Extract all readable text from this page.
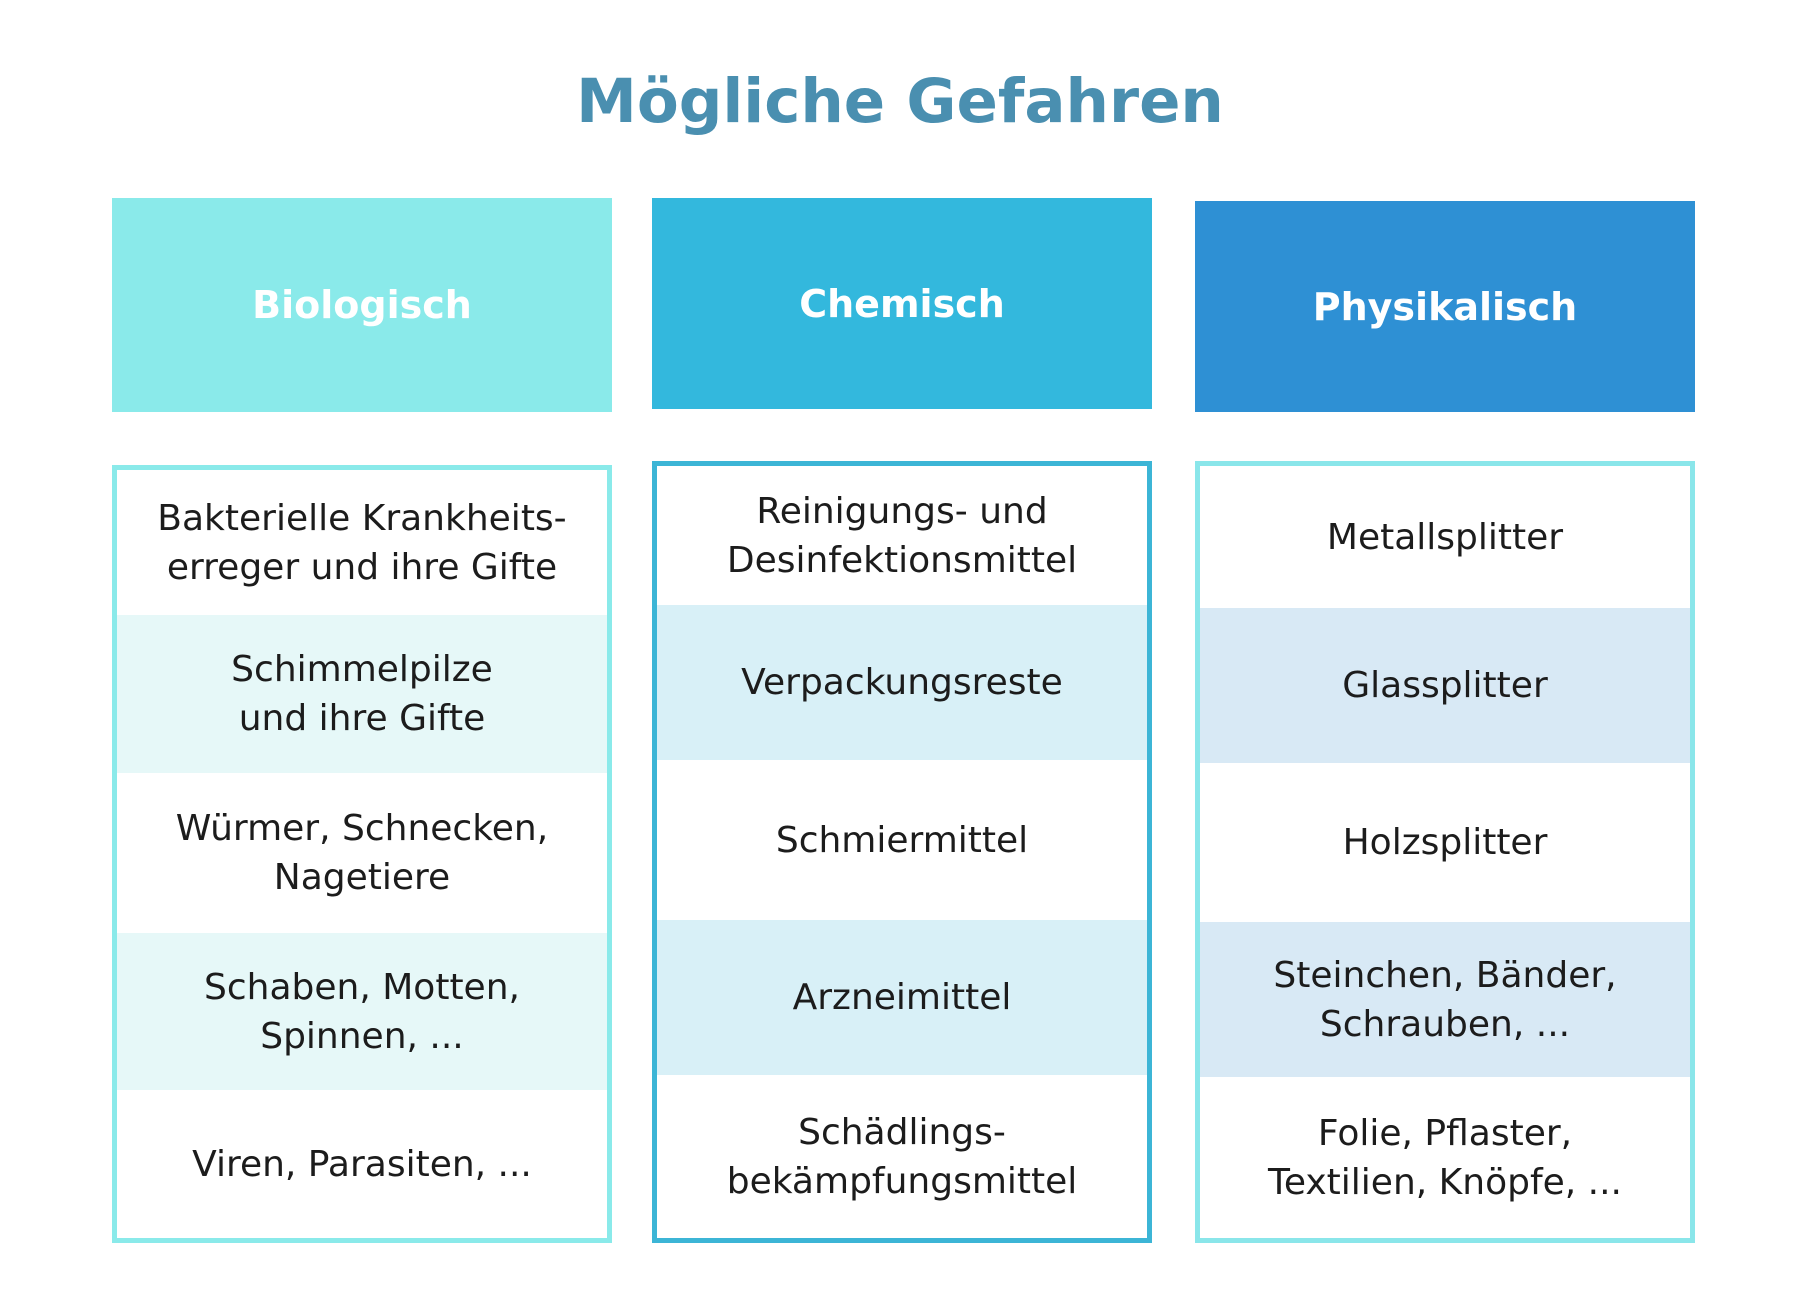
Mögliche Gefahren
Biologisch
Bakterielle Krankheits-
erreger und ihre Gifte
Schimmelpilze
und ihre Gifte
Würmer, Schnecken,
Nagetiere
Schaben, Motten,
Spinnen, ...
Viren, Parasiten, ...
Chemisch
Reinigungs- und
Desinfektionsmittel
Verpackungsreste
Schmiermittel
Arzneimittel
Schädlings-
bekämpfungsmittel
Physikalisch
Metallsplitter
Glassplitter
Holzsplitter
Steinchen, Bänder,
Schrauben, ...
Folie, Pflaster,
Textilien, Knöpfe, ...
